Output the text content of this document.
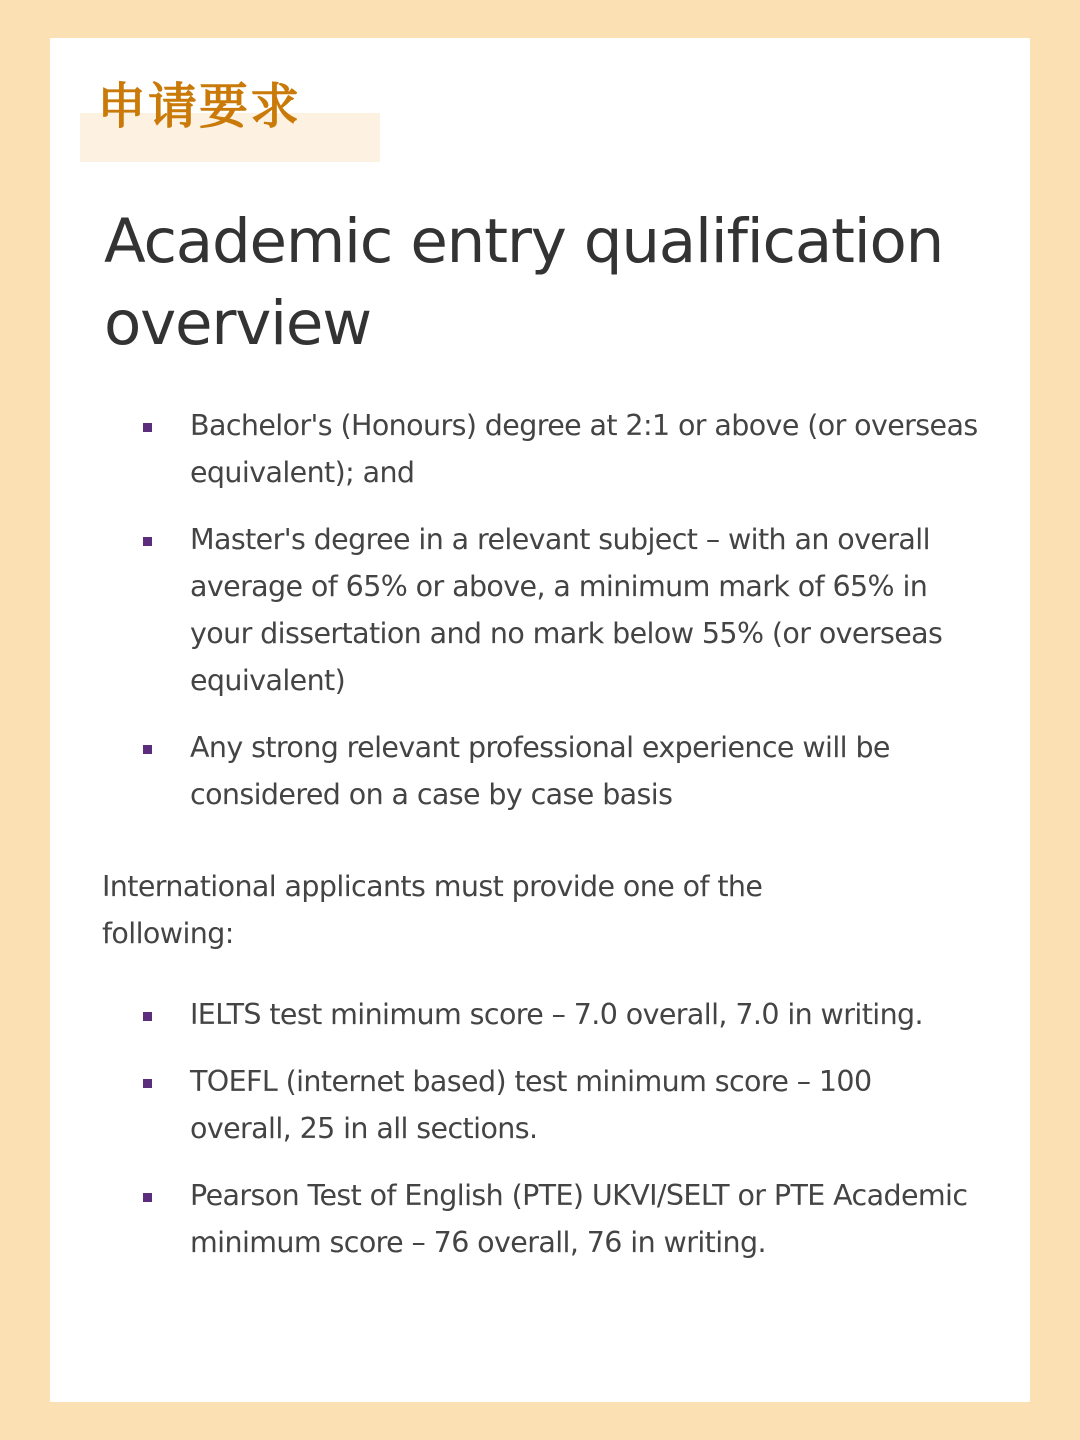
申请要求
Academic entry qualification overview
Bachelor's (Honours) degree at 2:1 or above (or overseas equivalent); and
Master's degree in a relevant subject – with an overall average of 65% or above, a minimum mark of 65% in your dissertation and no mark below 55% (or overseas equivalent)
Any strong relevant professional experience will be considered on a case by case basis

International applicants must provide one of the following:

IELTS test minimum score – 7.0 overall, 7.0 in writing.
TOEFL (internet based) test minimum score – 100 overall, 25 in all sections.
Pearson Test of English (PTE) UKVI/SELT or PTE Academic minimum score – 76 overall, 76 in writing.
